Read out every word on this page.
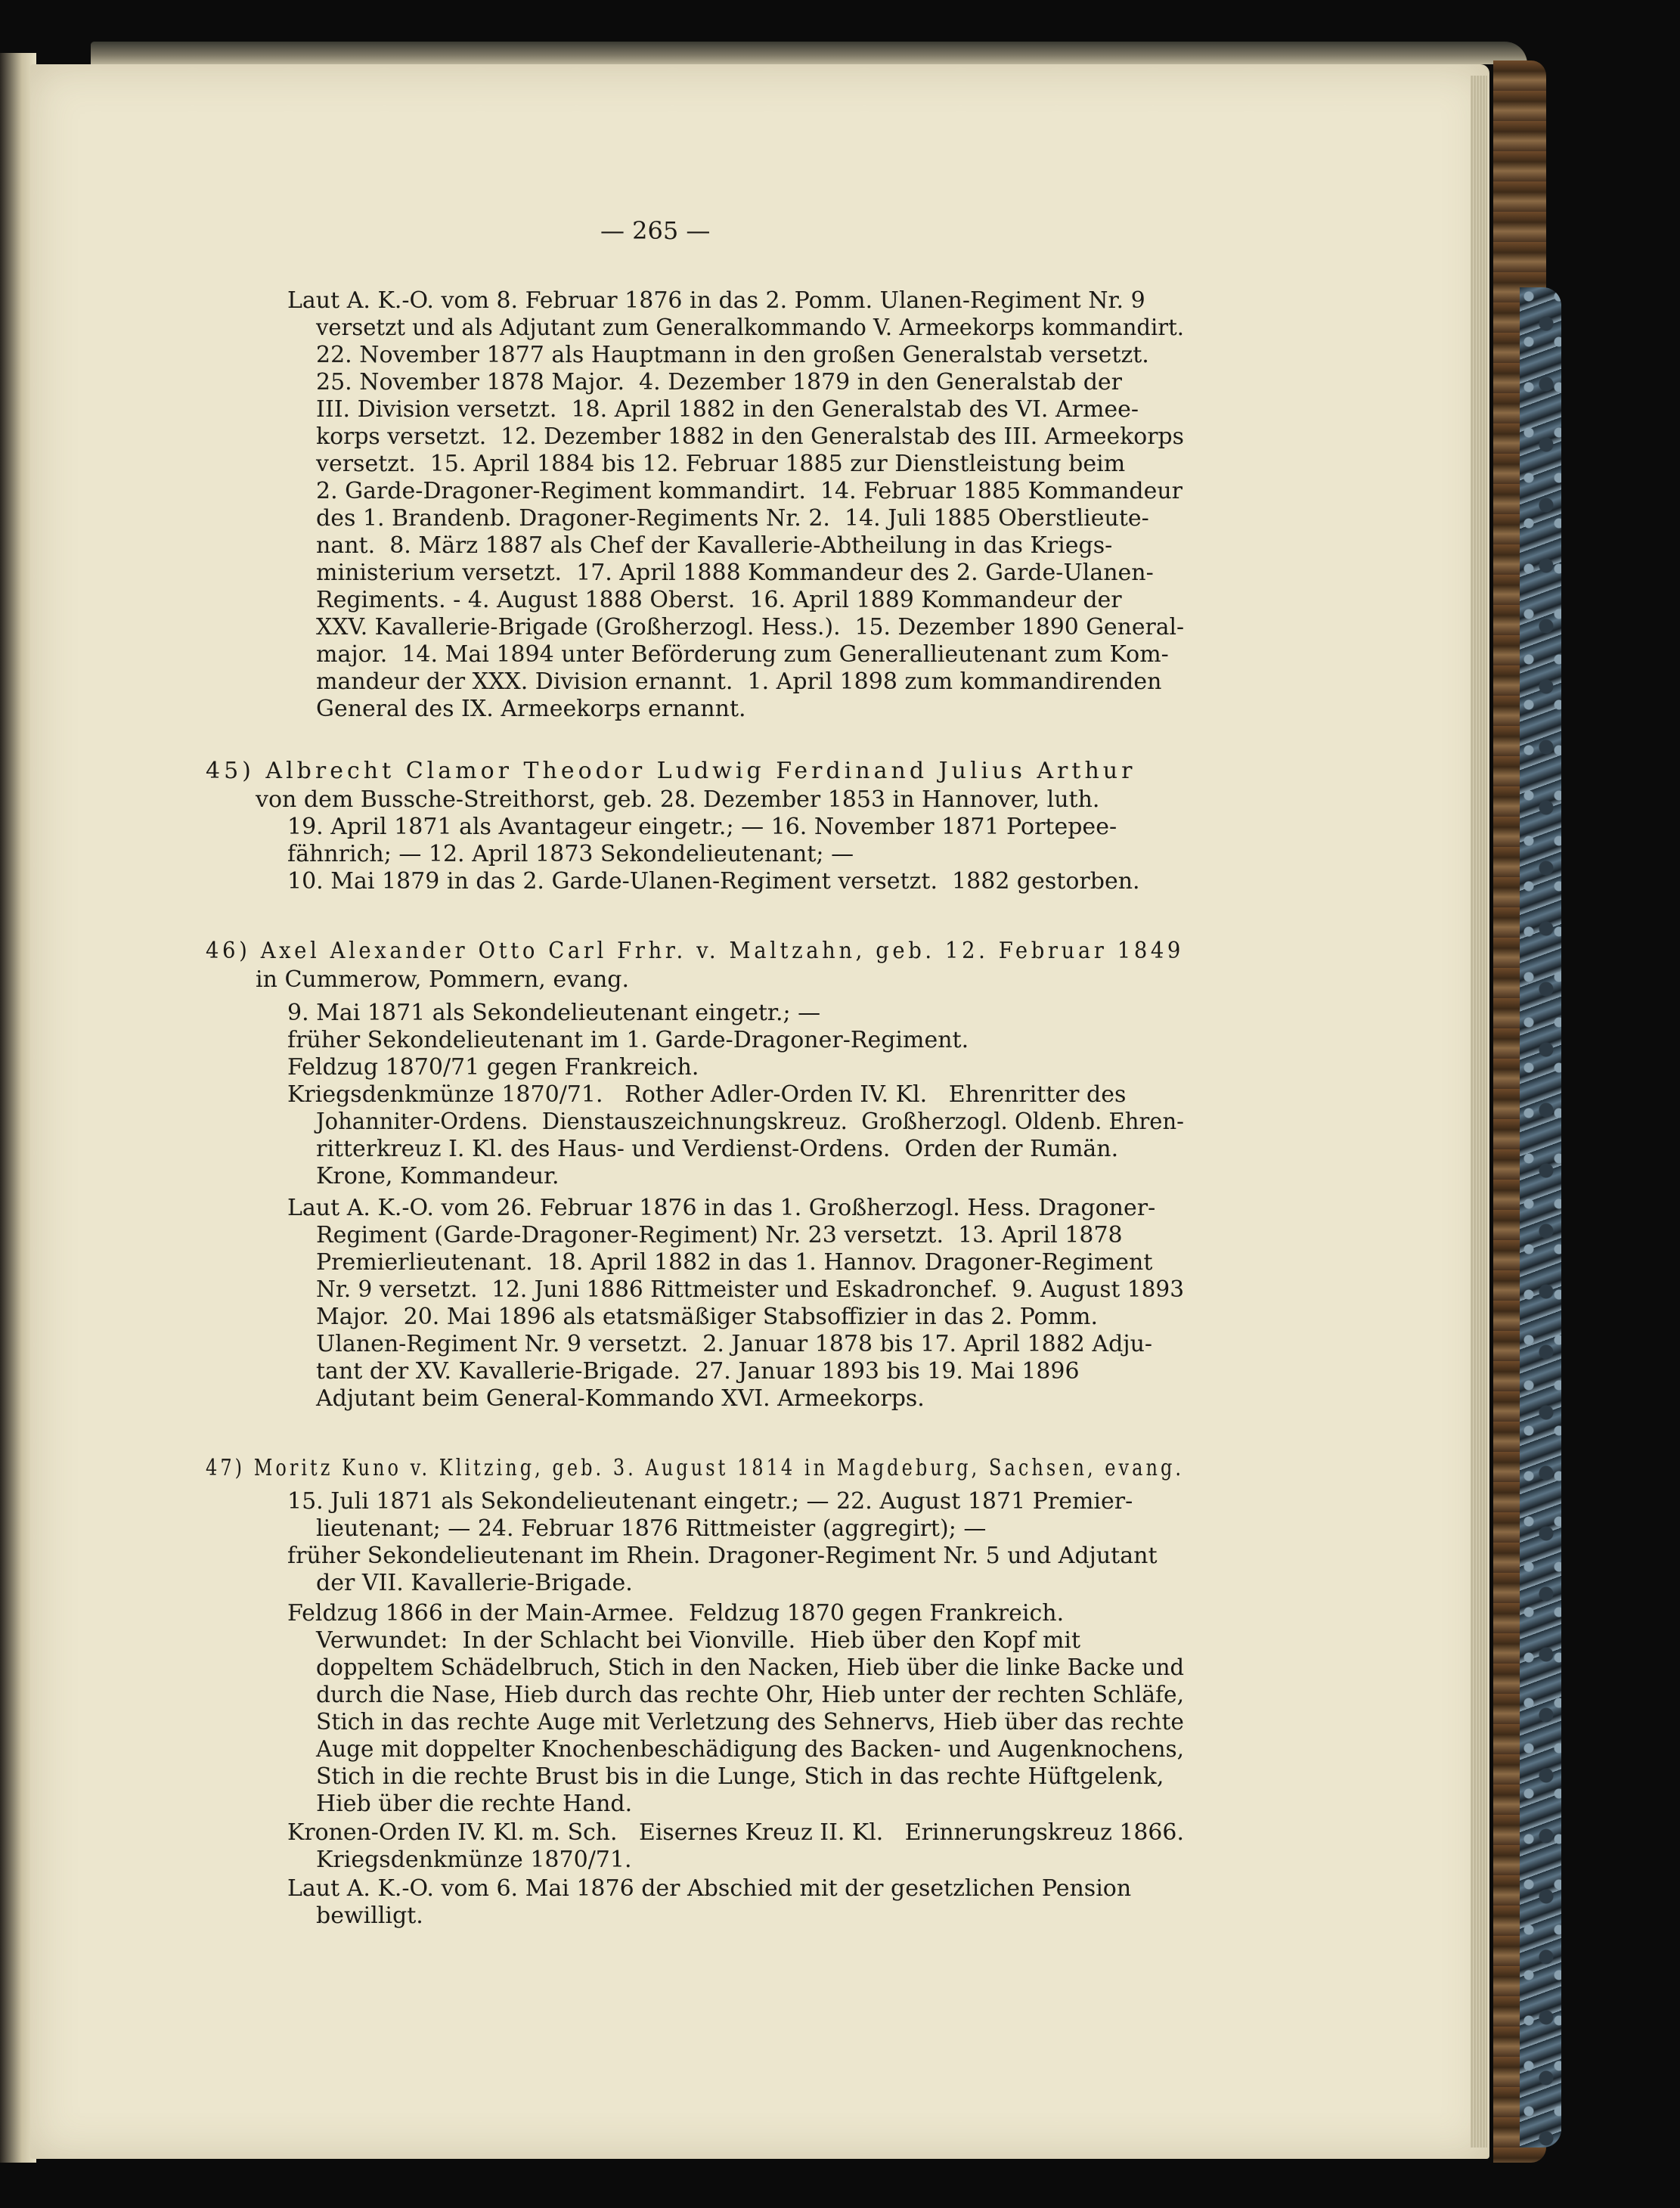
— 265 —
Laut A. K.-O. vom 8. Februar 1876 in das 2. Pomm. Ulanen-Regiment Nr. 9
versetzt und als Adjutant zum Generalkommando V. Armeekorps kommandirt.
22. November 1877 als Hauptmann in den großen Generalstab versetzt.
25. November 1878 Major.  4. Dezember 1879 in den Generalstab der
III. Division versetzt.  18. April 1882 in den Generalstab des VI. Armee-
korps versetzt.  12. Dezember 1882 in den Generalstab des III. Armeekorps
versetzt.  15. April 1884 bis 12. Februar 1885 zur Dienstleistung beim
2. Garde-Dragoner-Regiment kommandirt.  14. Februar 1885 Kommandeur
des 1. Brandenb. Dragoner-Regiments Nr. 2.  14. Juli 1885 Oberstlieute-
nant.  8. März 1887 als Chef der Kavallerie-Abtheilung in das Kriegs-
ministerium versetzt.  17. April 1888 Kommandeur des 2. Garde-Ulanen-
Regiments. - 4. August 1888 Oberst.  16. April 1889 Kommandeur der
XXV. Kavallerie-Brigade (Großherzogl. Hess.).  15. Dezember 1890 General-
major.  14. Mai 1894 unter Beförderung zum Generallieutenant zum Kom-
mandeur der XXX. Division ernannt.  1. April 1898 zum kommandirenden
General des IX. Armeekorps ernannt.
45) Albrecht Clamor Theodor Ludwig Ferdinand Julius Arthur
von dem Bussche-Streithorst, geb. 28. Dezember 1853 in Hannover, luth.
19. April 1871 als Avantageur eingetr.; — 16. November 1871 Portepee-
fähnrich; — 12. April 1873 Sekondelieutenant; —
10. Mai 1879 in das 2. Garde-Ulanen-Regiment versetzt.  1882 gestorben.
46) Axel Alexander Otto Carl Frhr. v. Maltzahn, geb. 12. Februar 1849
in Cummerow, Pommern, evang.
9. Mai 1871 als Sekondelieutenant eingetr.; —
früher Sekondelieutenant im 1. Garde-Dragoner-Regiment.
Feldzug 1870/71 gegen Frankreich.
Kriegsdenkmünze 1870/71.   Rother Adler-Orden IV. Kl.   Ehrenritter des
Johanniter-Ordens.  Dienstauszeichnungskreuz.  Großherzogl. Oldenb. Ehren-
ritterkreuz I. Kl. des Haus- und Verdienst-Ordens.  Orden der Rumän.
Krone, Kommandeur.
Laut A. K.-O. vom 26. Februar 1876 in das 1. Großherzogl. Hess. Dragoner-
Regiment (Garde-Dragoner-Regiment) Nr. 23 versetzt.  13. April 1878
Premierlieutenant.  18. April 1882 in das 1. Hannov. Dragoner-Regiment
Nr. 9 versetzt.  12. Juni 1886 Rittmeister und Eskadronchef.  9. August 1893
Major.  20. Mai 1896 als etatsmäßiger Stabsoffizier in das 2. Pomm.
Ulanen-Regiment Nr. 9 versetzt.  2. Januar 1878 bis 17. April 1882 Adju-
tant der XV. Kavallerie-Brigade.  27. Januar 1893 bis 19. Mai 1896
Adjutant beim General-Kommando XVI. Armeekorps.
47) Moritz Kuno v. Klitzing, geb. 3. August 1814 in Magdeburg, Sachsen, evang.
15. Juli 1871 als Sekondelieutenant eingetr.; — 22. August 1871 Premier-
lieutenant; — 24. Februar 1876 Rittmeister (aggregirt); —
früher Sekondelieutenant im Rhein. Dragoner-Regiment Nr. 5 und Adjutant
der VII. Kavallerie-Brigade.
Feldzug 1866 in der Main-Armee.  Feldzug 1870 gegen Frankreich.
Verwundet:  In der Schlacht bei Vionville.  Hieb über den Kopf mit
doppeltem Schädelbruch, Stich in den Nacken, Hieb über die linke Backe und
durch die Nase, Hieb durch das rechte Ohr, Hieb unter der rechten Schläfe,
Stich in das rechte Auge mit Verletzung des Sehnervs, Hieb über das rechte
Auge mit doppelter Knochenbeschädigung des Backen- und Augenknochens,
Stich in die rechte Brust bis in die Lunge, Stich in das rechte Hüftgelenk,
Hieb über die rechte Hand.
Kronen-Orden IV. Kl. m. Sch.   Eisernes Kreuz II. Kl.   Erinnerungskreuz 1866.
Kriegsdenkmünze 1870/71.
Laut A. K.-O. vom 6. Mai 1876 der Abschied mit der gesetzlichen Pension
bewilligt.
